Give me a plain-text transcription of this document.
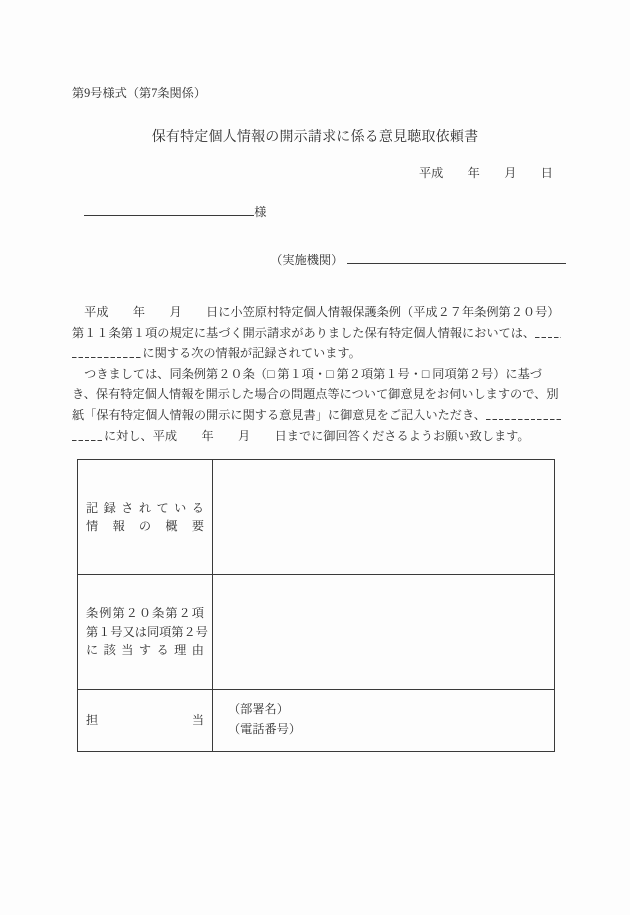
第9号様式（第7条関係）
保有特定個人情報の開示請求に係る意見聴取依頼書
平成　　年　　月　　日

様

（実施機関）

　平成　　年　　月　　日に小笠原村特定個人情報保護条例（平成２７年条例第２０号）
第１１条第１項の規定に基づく開示請求がありました保有特定個人情報においては、
に関する次の情報が記録されています。
　つきましては、同条例第２０条（□ 第１項・□ 第２項第１号・□ 同項第２号）に基づ
き、保有特定個人情報を開示した場合の問題点等について御意見をお伺いしますので、別
紙「保有特定個人情報の開示に関する意見書」に御意見をご記入いただき、
に対し、平成　　年　　月　　日までに御回答くださるようお願い致します。
記 録 さ れ て い る
情 報 の 概 要
条 例 第 ２ ０ 条 第 ２ 項
第 １ 号 又 は 同 項 第 ２ 号
に 該 当 す る 理 由
担	当
（部署名）
（電話番号）
